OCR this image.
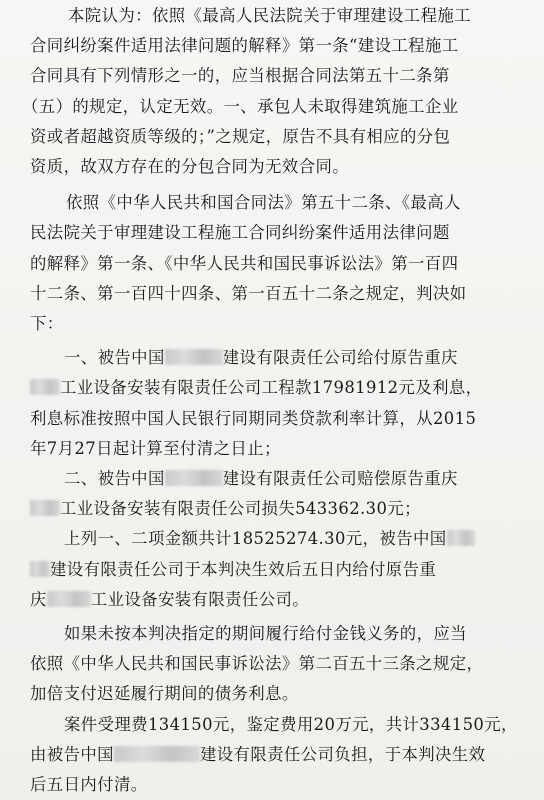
本院认为：依照《最高人民法院关于审理建设工程施工
合同纠纷案件适用法律问题的解释》第一条“建设工程施工
合同具有下列情形之一的，应当根据合同法第五十二条第
（五）的规定，认定无效。一、承包人未取得建筑施工企业
资或者超越资质等级的；”之规定，原告不具有相应的分包
资质，故双方存在的分包合同为无效合同。
依照《中华人民共和国合同法》第五十二条、《最高人
民法院关于审理建设工程施工合同纠纷案件适用法律问题
的解释》第一条、《中华人民共和国民事诉讼法》第一百四
十二条、第一百四十四条、第一百五十二条之规定，判决如
下：
一、被告中国	建设有限责任公司给付原告重庆
工业设备安装有限责任公司工程款17981912元及利息，
利息标准按照中国人民银行同期同类贷款利率计算，从2015
年7月27日起计算至付清之日止；
二、被告中国	建设有限责任公司赔偿原告重庆
工业设备安装有限责任公司损失543362.30元；
上列一、二项金额共计18525274.30元，被告中国
建设有限责任公司于本判决生效后五日内给付原告重
庆	工业设备安装有限责任公司。
如果未按本判决指定的期间履行给付金钱义务的，应当
依照《中华人民共和国民事诉讼法》第二百五十三条之规定，
加倍支付迟延履行期间的债务利息。
案件受理费134150元，鉴定费用20万元，共计334150元，
由被告中国	建设有限责任公司负担，于本判决生效
后五日内付清。
